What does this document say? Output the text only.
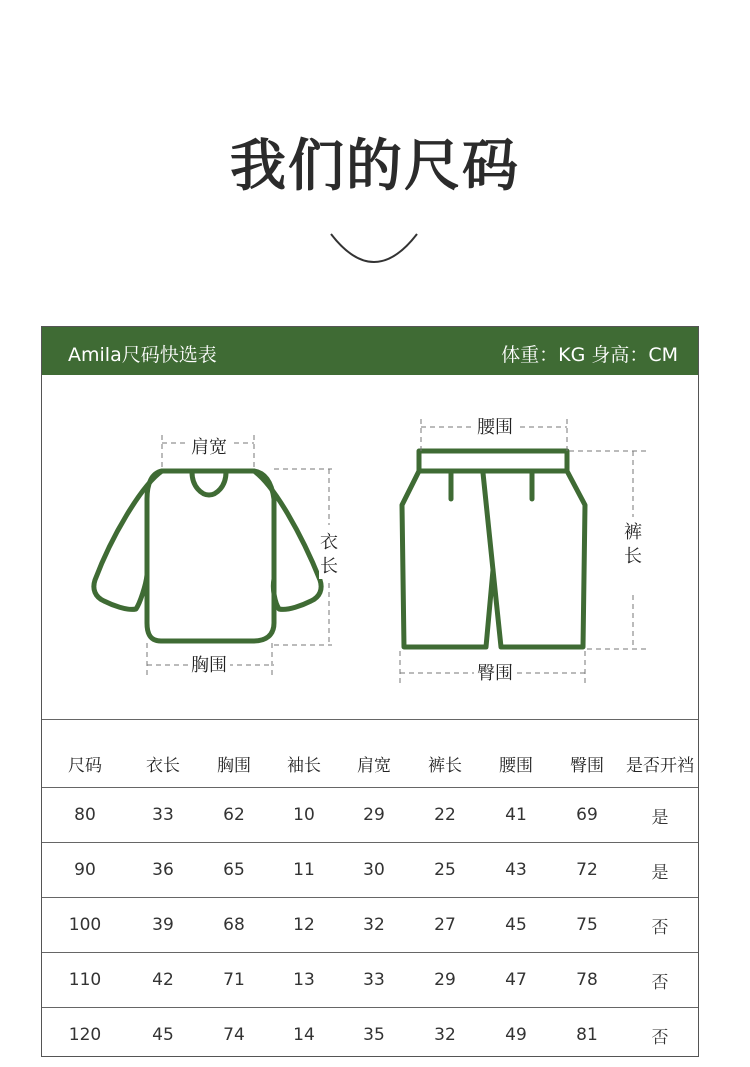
我们的尺码
Amila尺码快选表	体重：KG 身高：CM
肩宽
衣
长
胸围
腰围
裤
长
臀围
尺码	衣长	胸围	袖长	肩宽	裤长	腰围	臀围	是否开裆
80	33	62	10	29	22	41	69	是
90	36	65	11	30	25	43	72	是
100	39	68	12	32	27	45	75	否
110	42	71	13	33	29	47	78	否
120	45	74	14	35	32	49	81	否
